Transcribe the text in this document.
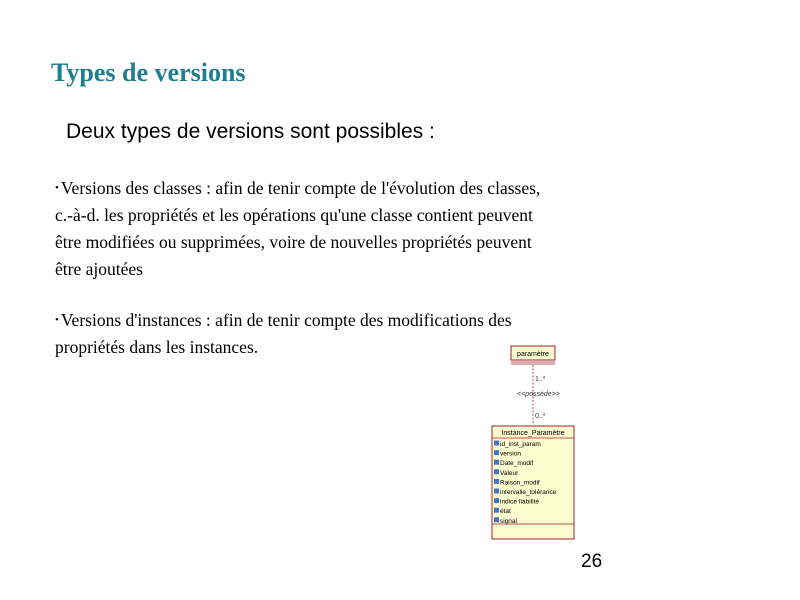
Types de versions
Deux types de versions sont possibles :
• Versions des classes : afin de tenir compte de l'évolution des classes,
c.-à-d. les propriétés et les opérations qu'une classe contient peuvent
être modifiées ou supprimées, voire de nouvelles propriétés peuvent
être ajoutées
• Versions d'instances : afin de tenir compte des modifications des
propriétés dans les instances.	paramètre
1..*
<<possède>>
0..*
Instance_Paramètre
id_inst_param
version
Date_modif
Valeur
Raison_modif
intervalle_tolérance
indice fiabilité
état
signal
26
